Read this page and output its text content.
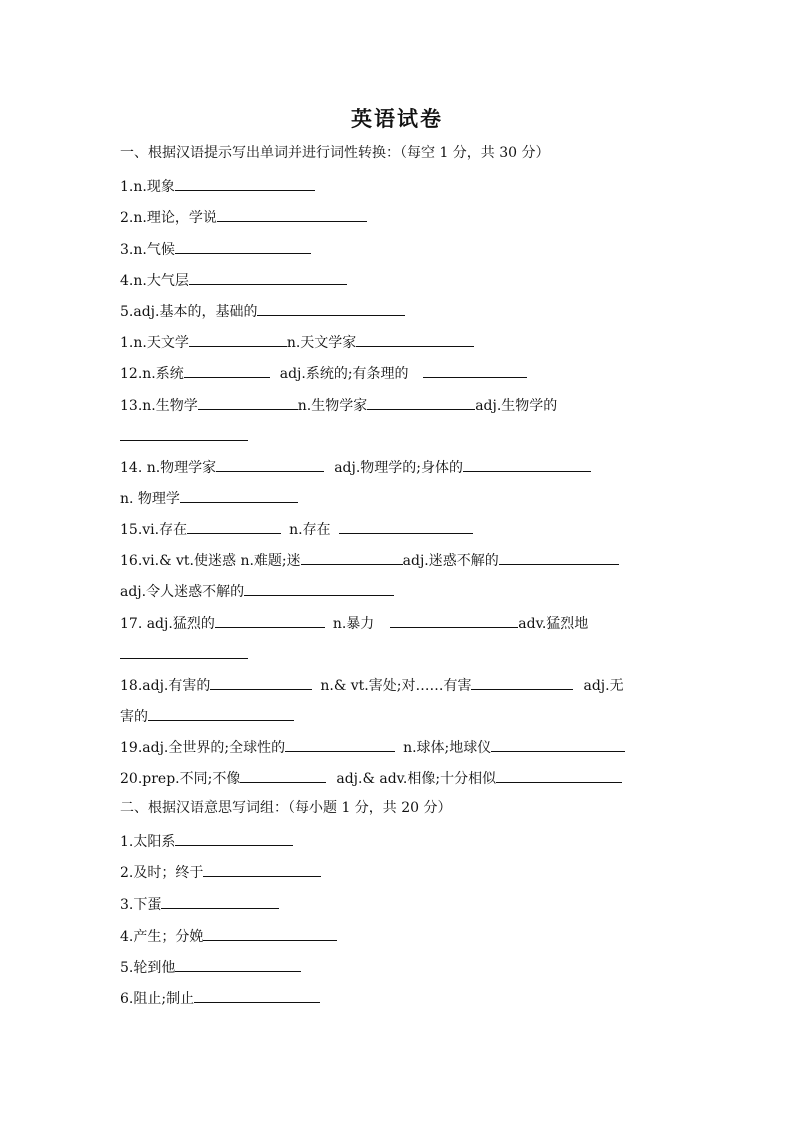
英语试卷
一、根据汉语提示写出单词并进行词性转换：（每空 1 分，共 30 分）
1.n.现象
2.n.理论，学说
3.n.气候
4.n.大气层
5.adj.基本的，基础的
1.n.天文学	n.天文学家
12.n.系统	adj.系统的;有条理的
13.n.生物学	n.生物学家	adj.生物学的
14. n.物理学家	adj.物理学的;身体的
n. 物理学
15.vi.存在	n.存在
16.vi.& vt.使迷惑 n.难题;迷	adj.迷惑不解的
adj.令人迷惑不解的
17. adj.猛烈的	n.暴力	adv.猛烈地
18.adj.有害的	n.& vt.害处;对……有害	adj.无
害的
19.adj.全世界的;全球性的	n.球体;地球仪
20.prep.不同;不像	adj.& adv.相像;十分相似
二、根据汉语意思写词组：（每小题 1 分，共 20 分）
1.太阳系
2.及时；终于
3.下蛋
4.产生；分娩
5.轮到他
6.阻止;制止
